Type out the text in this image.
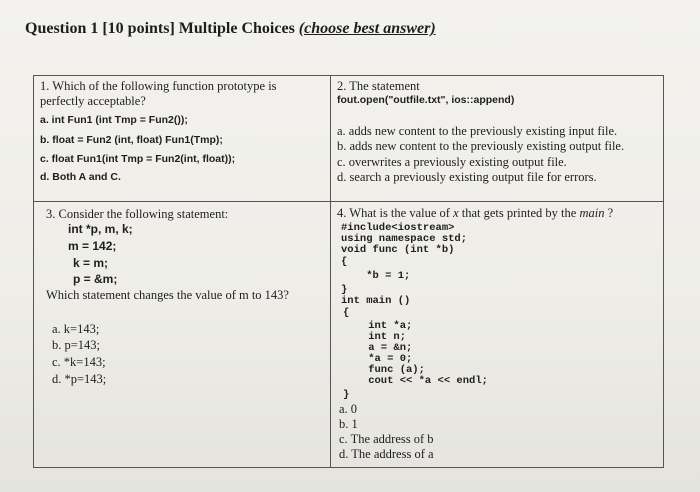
Question 1 [10 points] Multiple Choices (choose best answer)
1. Which of the following function prototype is
perfectly acceptable?
a. int Fun1 (int Tmp = Fun2());
b. float = Fun2 (int, float) Fun1(Tmp);
c. float Fun1(int Tmp = Fun2(int, float));
d. Both A and C.
2. The statement
fout.open("outfile.txt", ios::append)
a. adds new content to the previously existing input file.
b. adds new content to the previously existing output file.
c. overwrites a previously existing output file.
d. search a previously existing output file for errors.
3. Consider the following statement:
int *p, m, k;
m = 142;
k = m;
p = &m;
Which statement changes the value of m to 143?
a. k=143;
b. p=143;
c. *k=143;
d. *p=143;
4. What is the value of x that gets printed by the main ?
#include<iostream>
using namespace std;
void func (int *b)
{
*b = 1;
}
int main ()
{
int *a;
int n;
a = &n;
*a = 0;
func (a);
cout << *a << endl;
}
a. 0
b. 1
c. The address of b
d. The address of a
